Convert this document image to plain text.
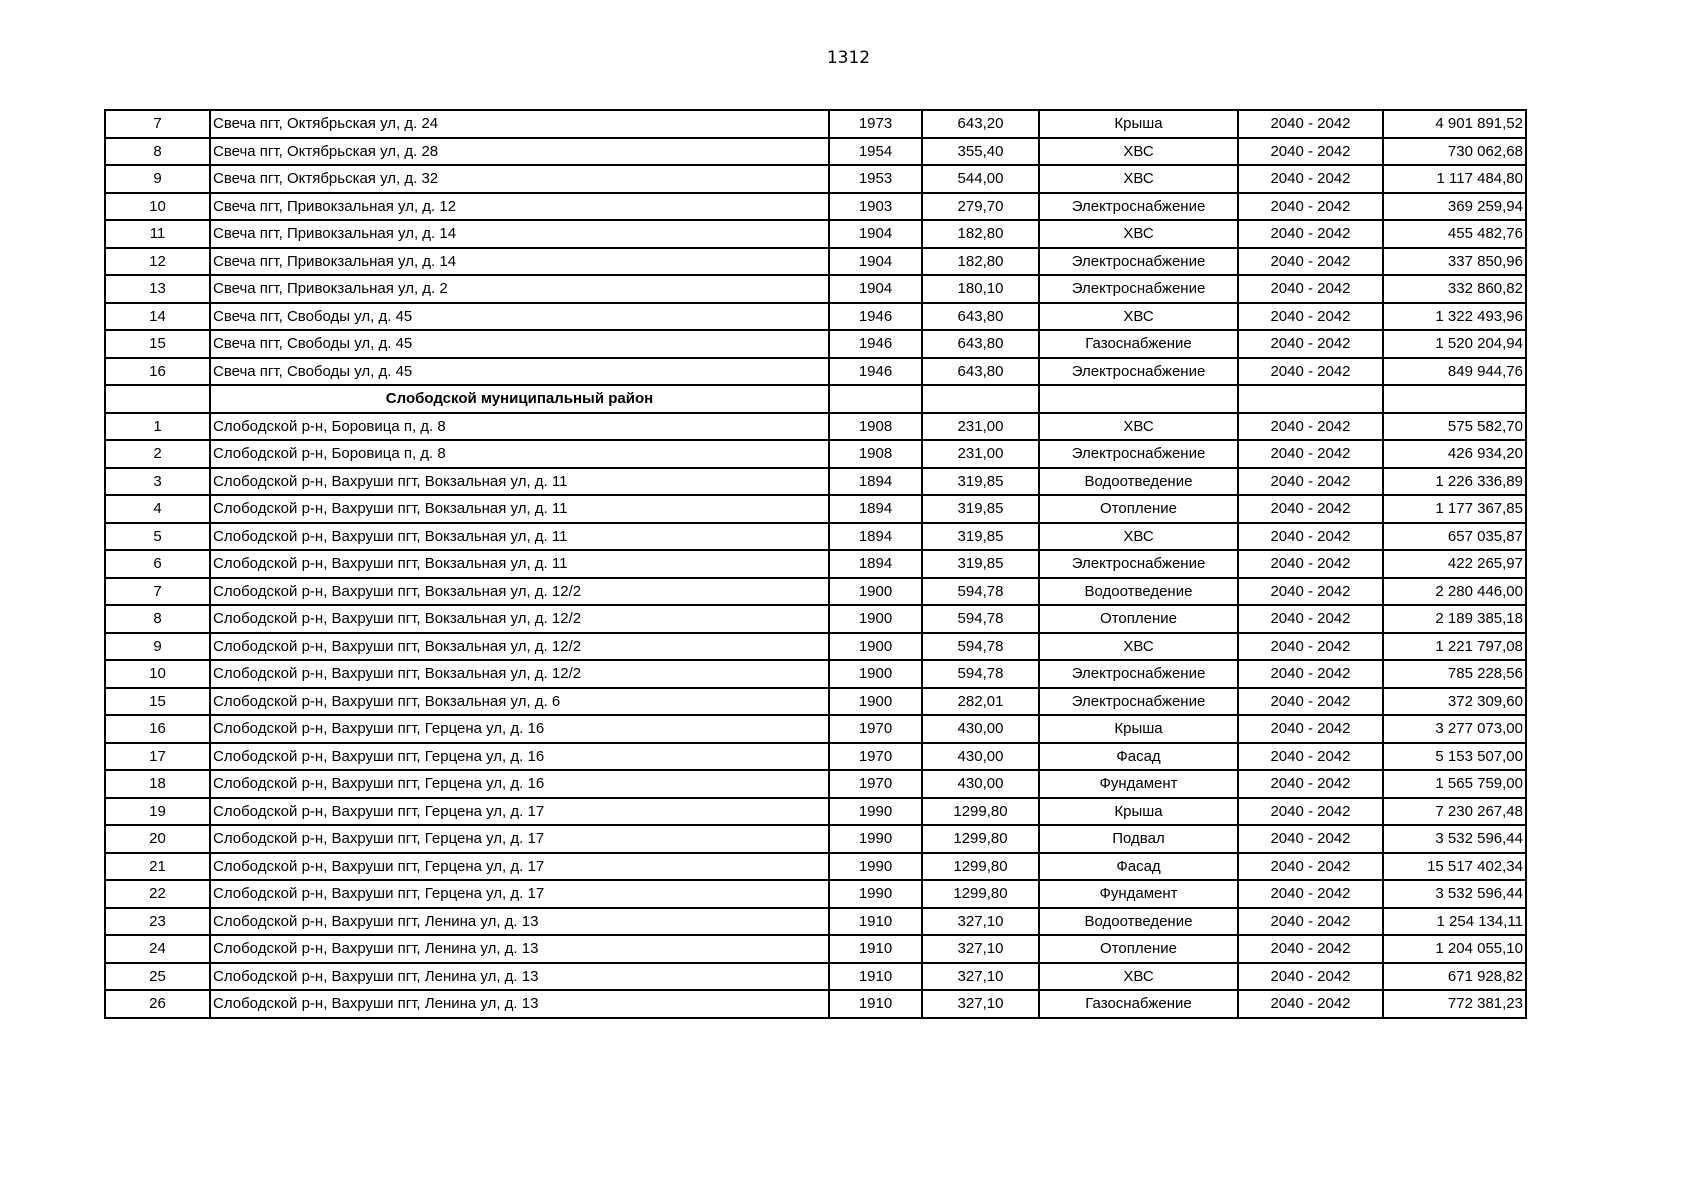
1312
7	Свеча пгт, Октябрьская ул, д. 24	1973	643,20	Крыша	2040 - 2042	4 901 891,52
8	Свеча пгт, Октябрьская ул, д. 28	1954	355,40	ХВС	2040 - 2042	730 062,68
9	Свеча пгт, Октябрьская ул, д. 32	1953	544,00	ХВС	2040 - 2042	1 117 484,80
10	Свеча пгт, Привокзальная ул, д. 12	1903	279,70	Электроснабжение	2040 - 2042	369 259,94
11	Свеча пгт, Привокзальная ул, д. 14	1904	182,80	ХВС	2040 - 2042	455 482,76
12	Свеча пгт, Привокзальная ул, д. 14	1904	182,80	Электроснабжение	2040 - 2042	337 850,96
13	Свеча пгт, Привокзальная ул, д. 2	1904	180,10	Электроснабжение	2040 - 2042	332 860,82
14	Свеча пгт, Свободы ул, д. 45	1946	643,80	ХВС	2040 - 2042	1 322 493,96
15	Свеча пгт, Свободы ул, д. 45	1946	643,80	Газоснабжение	2040 - 2042	1 520 204,94
16	Свеча пгт, Свободы ул, д. 45	1946	643,80	Электроснабжение	2040 - 2042	849 944,76
	Слободской муниципальный район					
1	Слободской р-н, Боровица п, д. 8	1908	231,00	ХВС	2040 - 2042	575 582,70
2	Слободской р-н, Боровица п, д. 8	1908	231,00	Электроснабжение	2040 - 2042	426 934,20
3	Слободской р-н, Вахруши пгт, Вокзальная ул, д. 11	1894	319,85	Водоотведение	2040 - 2042	1 226 336,89
4	Слободской р-н, Вахруши пгт, Вокзальная ул, д. 11	1894	319,85	Отопление	2040 - 2042	1 177 367,85
5	Слободской р-н, Вахруши пгт, Вокзальная ул, д. 11	1894	319,85	ХВС	2040 - 2042	657 035,87
6	Слободской р-н, Вахруши пгт, Вокзальная ул, д. 11	1894	319,85	Электроснабжение	2040 - 2042	422 265,97
7	Слободской р-н, Вахруши пгт, Вокзальная ул, д. 12/2	1900	594,78	Водоотведение	2040 - 2042	2 280 446,00
8	Слободской р-н, Вахруши пгт, Вокзальная ул, д. 12/2	1900	594,78	Отопление	2040 - 2042	2 189 385,18
9	Слободской р-н, Вахруши пгт, Вокзальная ул, д. 12/2	1900	594,78	ХВС	2040 - 2042	1 221 797,08
10	Слободской р-н, Вахруши пгт, Вокзальная ул, д. 12/2	1900	594,78	Электроснабжение	2040 - 2042	785 228,56
15	Слободской р-н, Вахруши пгт, Вокзальная ул, д. 6	1900	282,01	Электроснабжение	2040 - 2042	372 309,60
16	Слободской р-н, Вахруши пгт, Герцена ул, д. 16	1970	430,00	Крыша	2040 - 2042	3 277 073,00
17	Слободской р-н, Вахруши пгт, Герцена ул, д. 16	1970	430,00	Фасад	2040 - 2042	5 153 507,00
18	Слободской р-н, Вахруши пгт, Герцена ул, д. 16	1970	430,00	Фундамент	2040 - 2042	1 565 759,00
19	Слободской р-н, Вахруши пгт, Герцена ул, д. 17	1990	1299,80	Крыша	2040 - 2042	7 230 267,48
20	Слободской р-н, Вахруши пгт, Герцена ул, д. 17	1990	1299,80	Подвал	2040 - 2042	3 532 596,44
21	Слободской р-н, Вахруши пгт, Герцена ул, д. 17	1990	1299,80	Фасад	2040 - 2042	15 517 402,34
22	Слободской р-н, Вахруши пгт, Герцена ул, д. 17	1990	1299,80	Фундамент	2040 - 2042	3 532 596,44
23	Слободской р-н, Вахруши пгт, Ленина ул, д. 13	1910	327,10	Водоотведение	2040 - 2042	1 254 134,11
24	Слободской р-н, Вахруши пгт, Ленина ул, д. 13	1910	327,10	Отопление	2040 - 2042	1 204 055,10
25	Слободской р-н, Вахруши пгт, Ленина ул, д. 13	1910	327,10	ХВС	2040 - 2042	671 928,82
26	Слободской р-н, Вахруши пгт, Ленина ул, д. 13	1910	327,10	Газоснабжение	2040 - 2042	772 381,23
